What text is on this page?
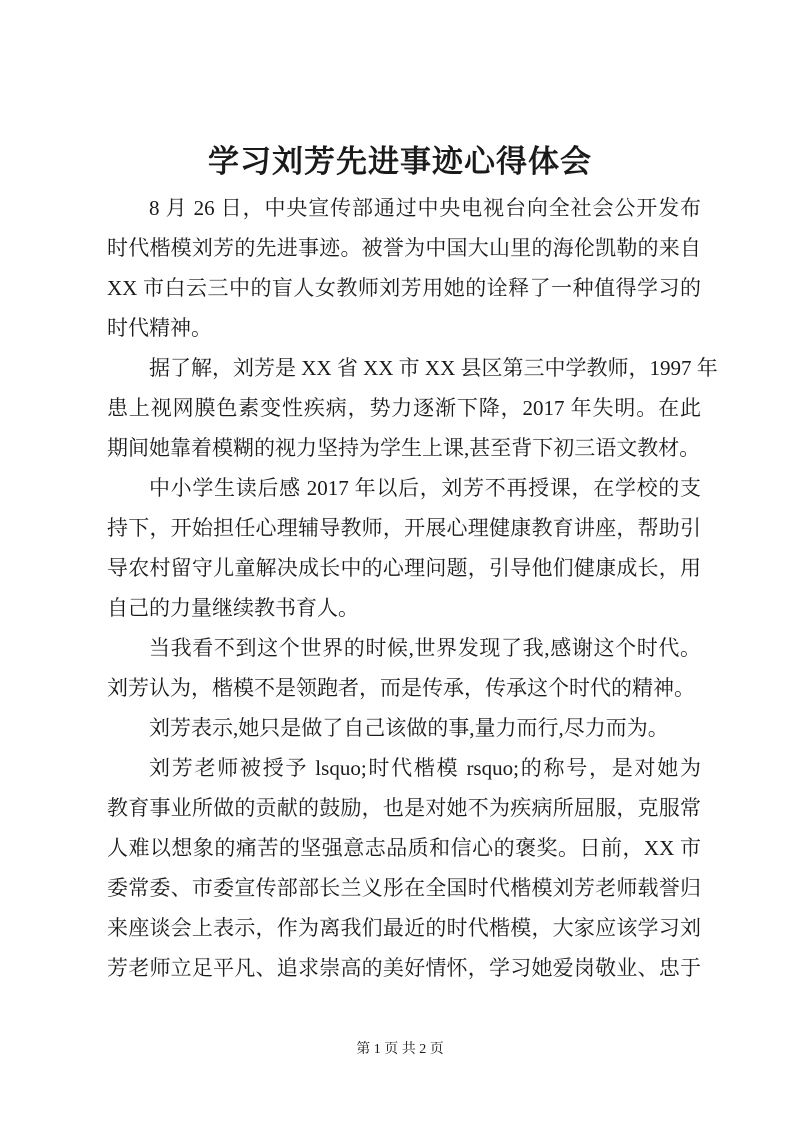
学习刘芳先进事迹心得体会
8 月 26 日，中央宣传部通过中央电视台向全社会公开发布
时代楷模刘芳的先进事迹。被誉为中国大山里的海伦凯勒的来自
XX 市白云三中的盲人女教师刘芳用她的诠释了一种值得学习的
时代精神。
据了解，刘芳是 XX 省 XX 市 XX 县区第三中学教师，1997 年
患上视网膜色素变性疾病，势力逐渐下降，2017 年失明。在此
期间她靠着模糊的视力坚持为学生上课,甚至背下初三语文教材。
中小学生读后感 2017 年以后，刘芳不再授课，在学校的支
持下，开始担任心理辅导教师，开展心理健康教育讲座，帮助引
导农村留守儿童解决成长中的心理问题，引导他们健康成长，用
自己的力量继续教书育人。
当我看不到这个世界的时候,世界发现了我,感谢这个时代。
刘芳认为，楷模不是领跑者，而是传承，传承这个时代的精神。
刘芳表示,她只是做了自己该做的事,量力而行,尽力而为。
刘芳老师被授予 lsquo;时代楷模 rsquo;的称号，是对她为
教育事业所做的贡献的鼓励，也是对她不为疾病所屈服，克服常
人难以想象的痛苦的坚强意志品质和信心的褒奖。日前，XX 市
委常委、市委宣传部部长兰义彤在全国时代楷模刘芳老师载誉归
来座谈会上表示，作为离我们最近的时代楷模，大家应该学习刘
芳老师立足平凡、追求崇高的美好情怀，学习她爱岗敬业、忠于
第 1 页 共 2 页
